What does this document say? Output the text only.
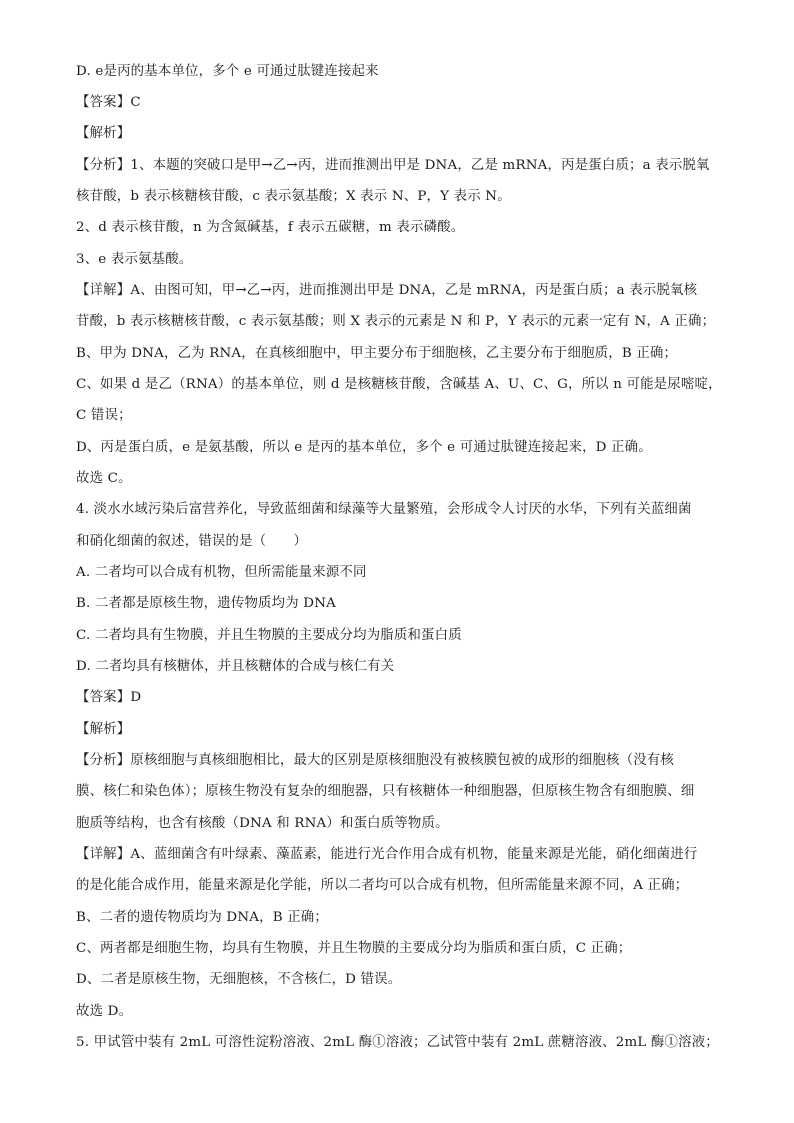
D. e是丙的基本单位，多个 e 可通过肽键连接起来
【答案】C
【解析】
【分析】1、本题的突破口是甲→乙→丙，进而推测出甲是 DNA，乙是 mRNA，丙是蛋白质；a 表示脱氧
核苷酸，b 表示核糖核苷酸，c 表示氨基酸；X 表示 N、P，Y 表示 N。
2、d 表示核苷酸，n 为含氮碱基，f 表示五碳糖，m 表示磷酸。
3、e 表示氨基酸。
【详解】A、由图可知，甲→乙→丙，进而推测出甲是 DNA，乙是 mRNA，丙是蛋白质；a 表示脱氧核
苷酸，b 表示核糖核苷酸，c 表示氨基酸；则 X 表示的元素是 N 和 P，Y 表示的元素一定有 N，A 正确；
B、甲为 DNA，乙为 RNA，在真核细胞中，甲主要分布于细胞核，乙主要分布于细胞质，B 正确；
C、如果 d 是乙（RNA）的基本单位，则 d 是核糖核苷酸，含碱基 A、U、C、G，所以 n 可能是尿嘧啶，
C 错误；
D、丙是蛋白质，e 是氨基酸，所以 e 是丙的基本单位，多个 e 可通过肽键连接起来，D 正确。
故选 C。
4. 淡水水域污染后富营养化，导致蓝细菌和绿藻等大量繁殖，会形成令人讨厌的水华，下列有关蓝细菌
和硝化细菌的叙述，错误的是（　　）
A. 二者均可以合成有机物，但所需能量来源不同
B. 二者都是原核生物，遗传物质均为 DNA
C. 二者均具有生物膜，并且生物膜的主要成分均为脂质和蛋白质
D. 二者均具有核糖体，并且核糖体的合成与核仁有关
【答案】D
【解析】
【分析】原核细胞与真核细胞相比，最大的区别是原核细胞没有被核膜包被的成形的细胞核（没有核
膜、核仁和染色体）；原核生物没有复杂的细胞器，只有核糖体一种细胞器，但原核生物含有细胞膜、细
胞质等结构，也含有核酸（DNA 和 RNA）和蛋白质等物质。
【详解】A、蓝细菌含有叶绿素、藻蓝素，能进行光合作用合成有机物，能量来源是光能，硝化细菌进行
的是化能合成作用，能量来源是化学能，所以二者均可以合成有机物，但所需能量来源不同，A 正确；
B、二者的遗传物质均为 DNA，B 正确；
C、两者都是细胞生物，均具有生物膜，并且生物膜的主要成分均为脂质和蛋白质，C 正确；
D、二者是原核生物，无细胞核，不含核仁，D 错误。
故选 D。
5. 甲试管中装有 2mL 可溶性淀粉溶液、2mL 酶①溶液；乙试管中装有 2mL 蔗糖溶液、2mL 酶①溶液；
